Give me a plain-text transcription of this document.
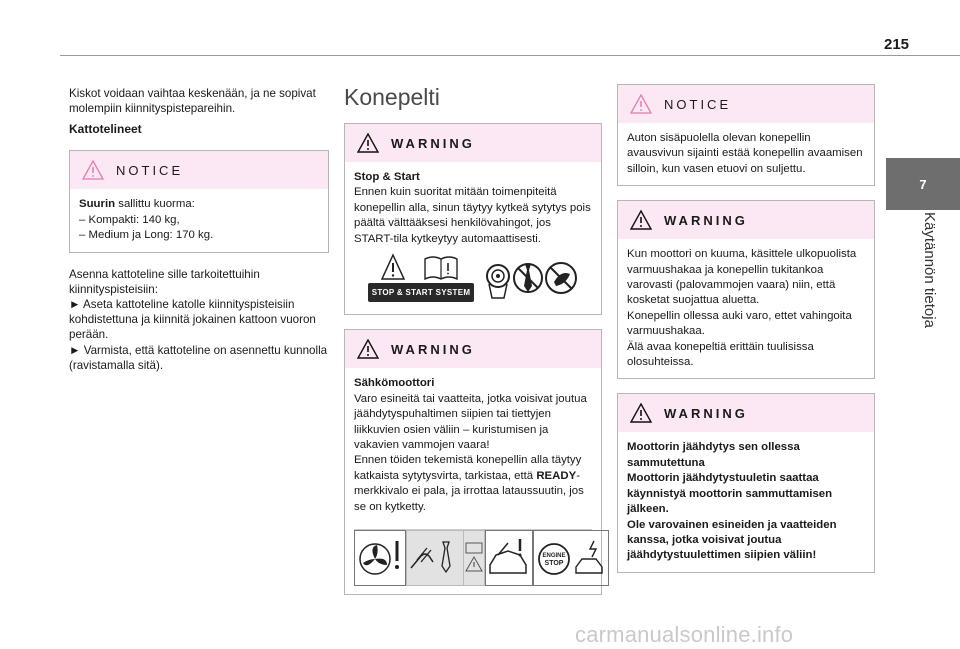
215
7
Käytännön tietoja

Kiskot voidaan vaihtaa keskenään, ja ne sopivat molempiin kiinnityspistepareihin.

Kattotelineet
NOTICE
Suurin sallittu kuorma:
– Kompakti: 140 kg,
– Medium ja Long: 170 kg.

Asenna kattoteline sille tarkoitettuihin kiinnityspisteisiin:
► Aseta kattoteline katolle kiinnityspisteisiin kohdistettuna ja kiinnitä jokainen kattoon vuoron perään.
► Varmista, että kattoteline on asennettu kunnolla (ravistamalla sitä).

Konepelti
WARNING
Stop & Start
Ennen kuin suoritat mitään toimenpiteitä konepellin alla, sinun täytyy kytkeä sytytys pois päältä välttääksesi henkilövahingot, jos START-tila kytkeytyy automaattisesti.
STOP & START SYSTEM
WARNING
Sähkömoottori
Varo esineitä tai vaatteita, jotka voisivat joutua jäähdytyspuhaltimen siipien tai tiettyjen liikkuvien osien väliin – kuristumisen ja vakavien vammojen vaara!
Ennen töiden tekemistä konepellin alla täytyy katkaista sytytysvirta, tarkistaa, että READY-merkkivalo ei pala, ja irrottaa lataussuutin, jos se on kytketty.
ENGINE
STOP
NOTICE
Auton sisäpuolella olevan konepellin avausvivun sijainti estää konepellin avaamisen silloin, kun vasen etuovi on suljettu.
WARNING
Kun moottori on kuuma, käsittele ulkopuolista varmuushakaa ja konepellin tukitankoa varovasti (palovammojen vaara) niin, että kosketat suojattua aluetta.
Konepellin ollessa auki varo, ettet vahingoita varmuushakaa.
Älä avaa konepeltiä erittäin tuulisissa olosuhteissa.
WARNING
Moottorin jäähdytys sen ollessa sammutettuna
Moottorin jäähdytystuuletin saattaa käynnistyä moottorin sammuttamisen jälkeen.
Ole varovainen esineiden ja vaatteiden kanssa, jotka voisivat joutua jäähdytystuulettimen siipien väliin!
carmanualsonline.info
